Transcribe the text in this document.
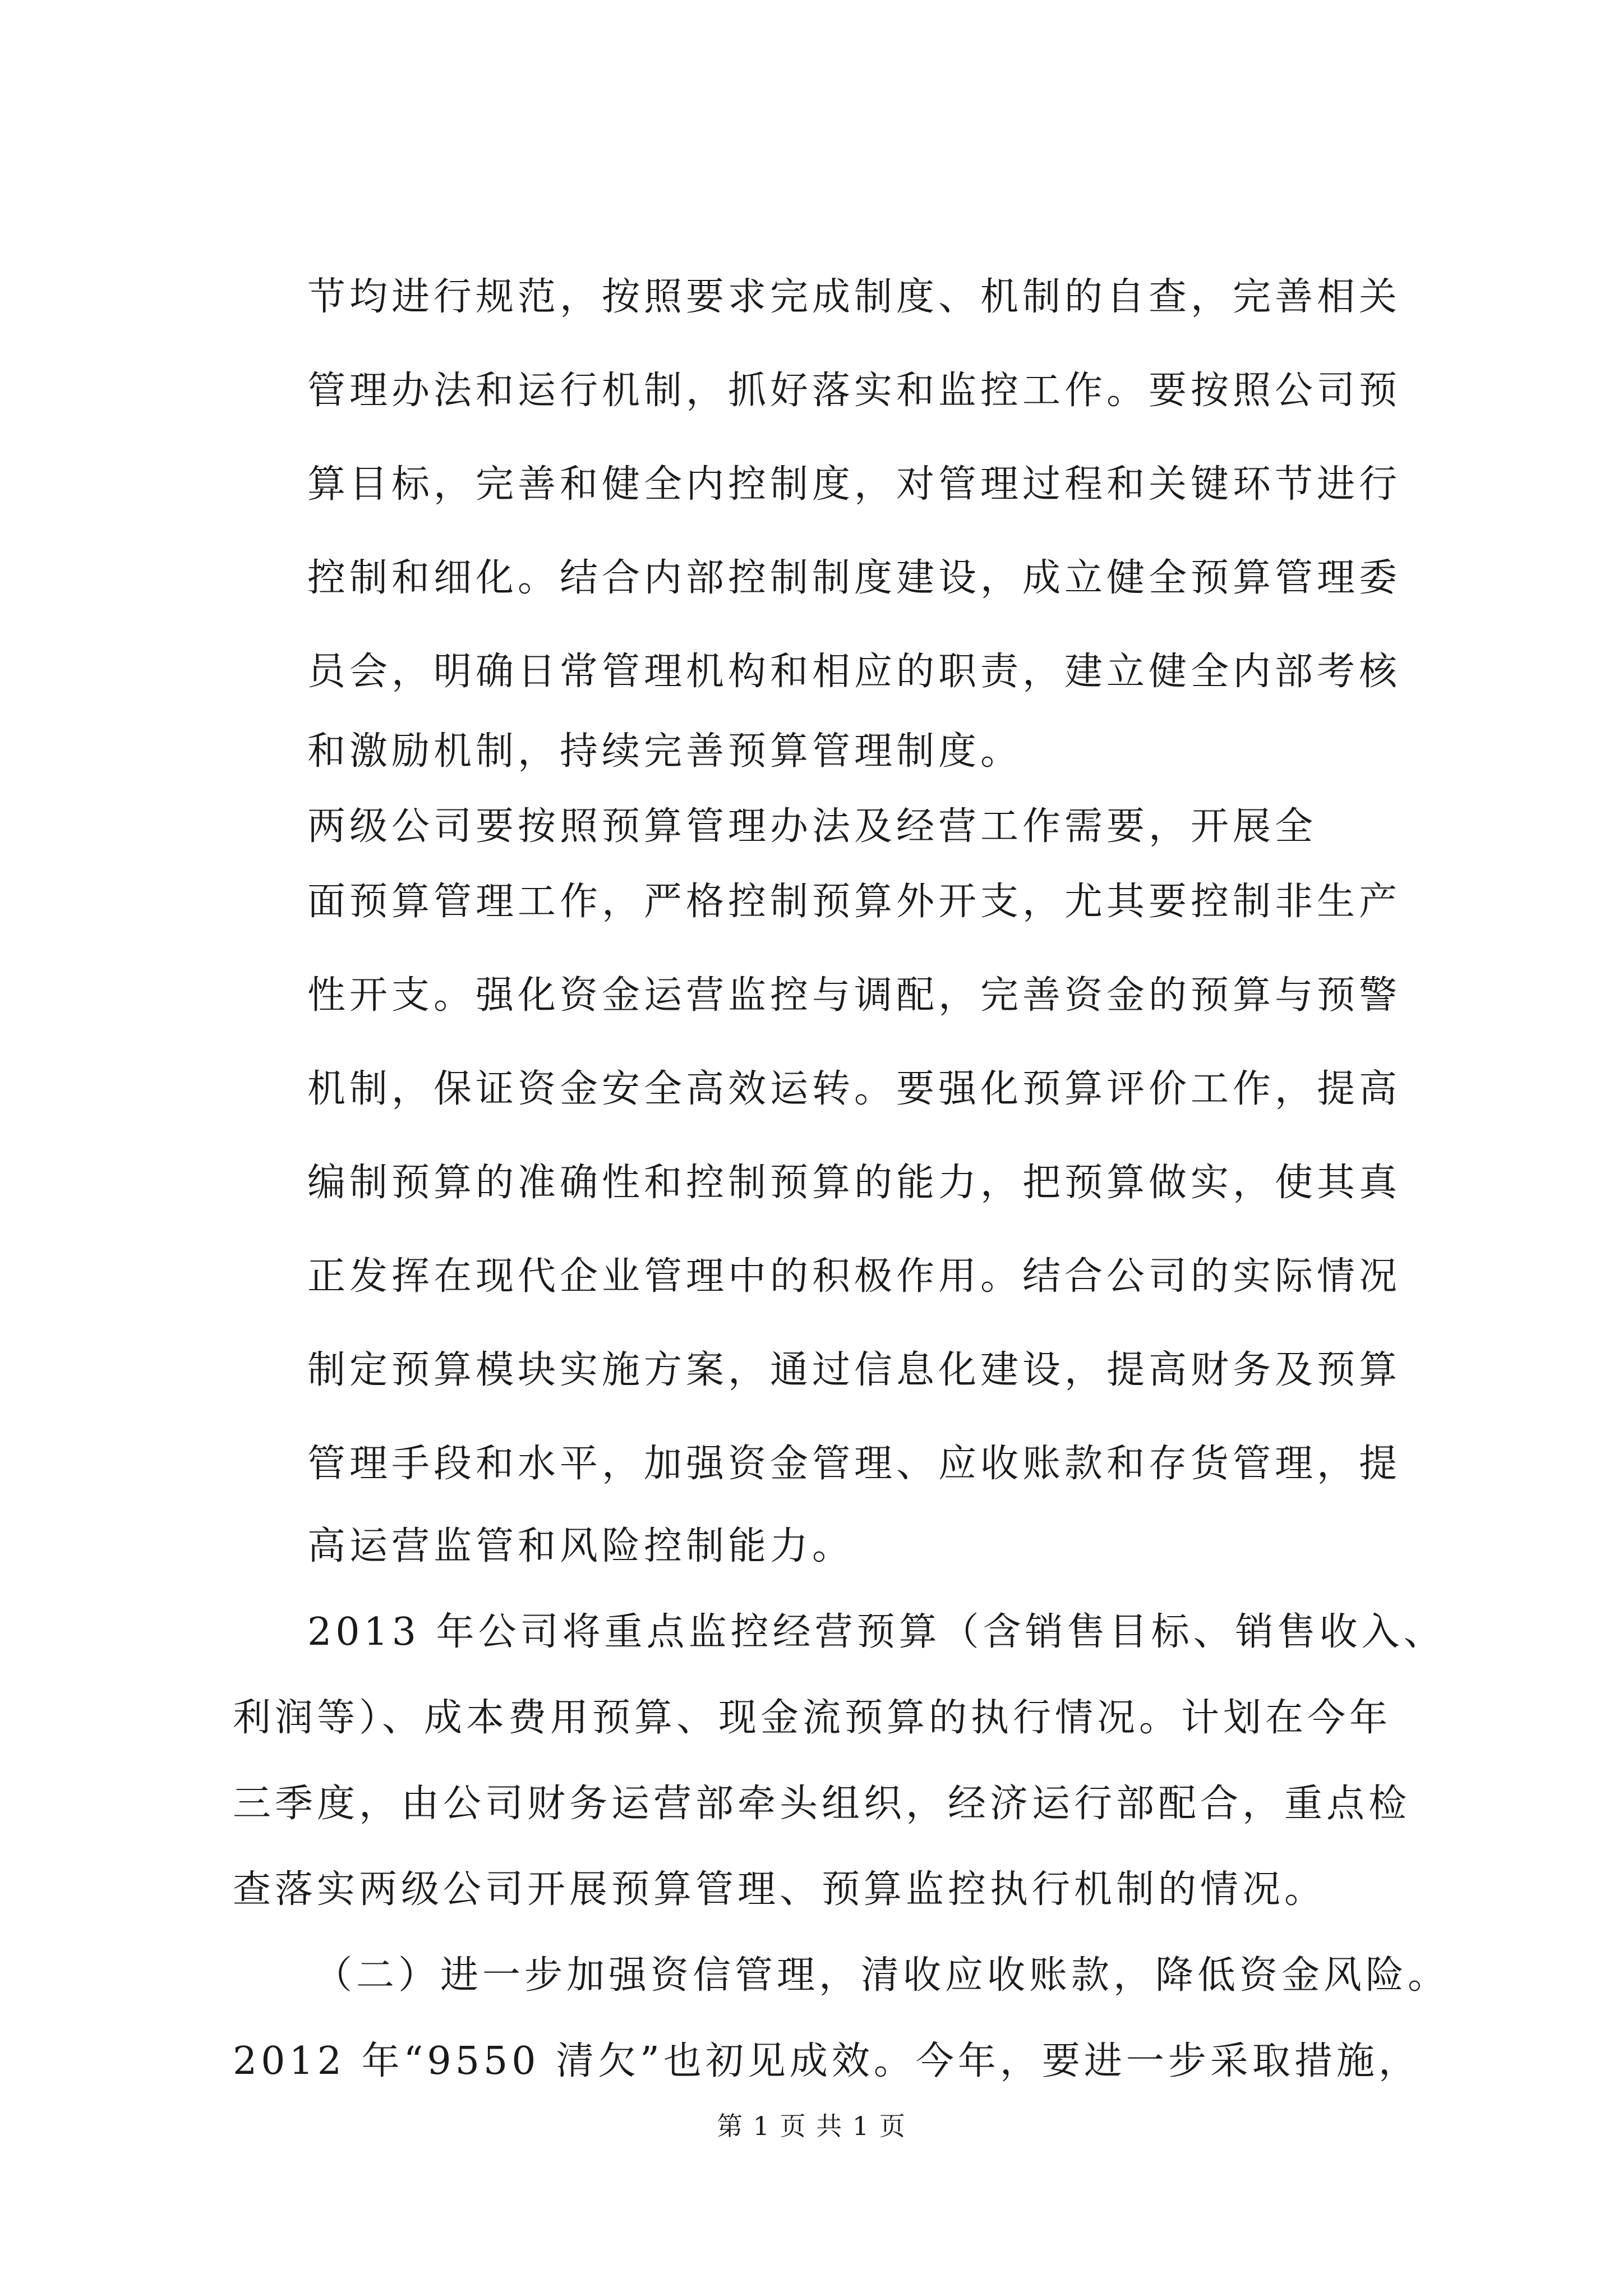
节均进行规范，按照要求完成制度、机制的自查，完善相关
管理办法和运行机制，抓好落实和监控工作。要按照公司预
算目标，完善和健全内控制度，对管理过程和关键环节进行
控制和细化。结合内部控制制度建设，成立健全预算管理委
员会，明确日常管理机构和相应的职责，建立健全内部考核
和激励机制，持续完善预算管理制度。
两级公司要按照预算管理办法及经营工作需要，开展全
面预算管理工作，严格控制预算外开支，尤其要控制非生产
性开支。强化资金运营监控与调配，完善资金的预算与预警
机制，保证资金安全高效运转。要强化预算评价工作，提高
编制预算的准确性和控制预算的能力，把预算做实，使其真
正发挥在现代企业管理中的积极作用。结合公司的实际情况
制定预算模块实施方案，通过信息化建设，提高财务及预算
管理手段和水平，加强资金管理、应收账款和存货管理，提
高运营监管和风险控制能力。
2013 年公司将重点监控经营预算（含销售目标、销售收入、
利润等）、成本费用预算、现金流预算的执行情况。计划在今年
三季度，由公司财务运营部牵头组织，经济运行部配合，重点检
查落实两级公司开展预算管理、预算监控执行机制的情况。
（二）进一步加强资信管理，清收应收账款，降低资金风险。
2012 年“9550 清欠”也初见成效。今年，要进一步采取措施，
第 1 页 共 1 页
